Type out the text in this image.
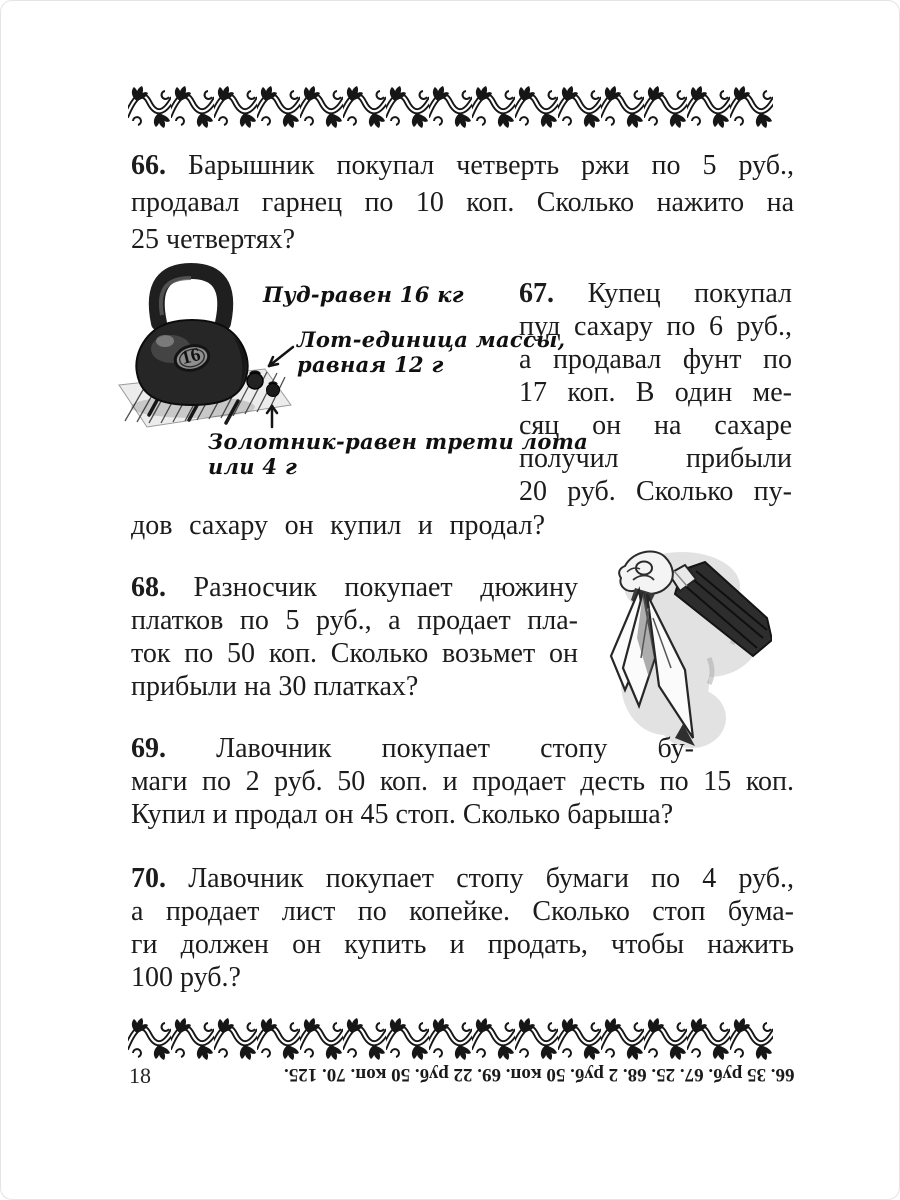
66. Барышник покупал четверть ржи по 5 руб.,
продавал гарнец по 10 коп. Сколько нажито на
25 четвертях?
16
Пуд-равен 16 кг
Лот-единица массы,
равная 12 г
Золотник-равен трети лота
или 4 г
67. Купец покупал
пуд сахару по 6 руб.,
а продавал фунт по
17 коп. В один ме-
сяц он на сахаре
получил прибыли
20 руб. Сколько пу-
дов сахару он купил и продал?
68. Разносчик покупает дюжину
платков по 5 руб., а продает пла-
ток по 50 коп. Сколько возьмет он
прибыли на 30 платках?
69. Лавочник покупает стопу бу-
маги по 2 руб. 50 коп. и продает десть по 15 коп.
Купил и продал он 45 стоп. Сколько барыша?
70. Лавочник покупает стопу бумаги по 4 руб.,
а продает лист по копейке. Сколько стоп бума-
ги должен он купить и продать, чтобы нажить
100 руб.?
18	66. 35 руб. 67. 25. 68. 2 руб. 50 коп. 69. 22 руб. 50 коп. 70. 125.
